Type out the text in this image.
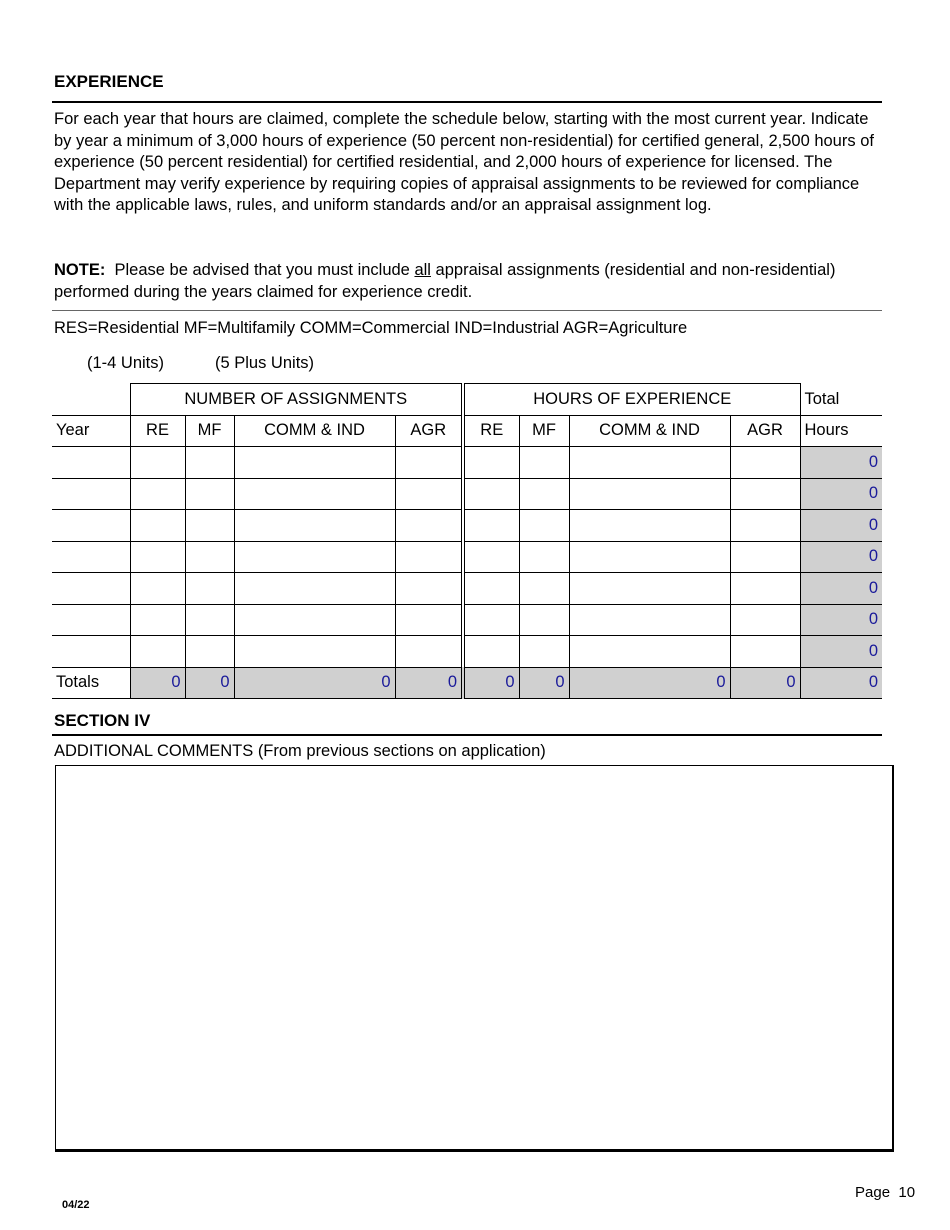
EXPERIENCE
For each year that hours are claimed, complete the schedule below, starting with the most current year. Indicate by year a minimum of 3,000 hours of experience (50 percent non-residential) for certified general, 2,500 hours of experience (50 percent residential) for certified residential, and 2,000 hours of experience for licensed. The Department may verify experience by requiring copies of appraisal assignments to be reviewed for compliance with the applicable laws, rules, and uniform standards and/or an appraisal assignment log.
NOTE:  Please be advised that you must include all appraisal assignments (residential and non-residential) performed during the years claimed for experience credit.
RES=Residential MF=Multifamily COMM=Commercial IND=Industrial AGR=Agriculture
(1-4 Units)	(5 Plus Units)
	NUMBER OF ASSIGNMENTS				HOURS OF EXPERIENCE				Total
Year	RE	MF	COMM & IND	AGR	RE	MF	COMM & IND	AGR	Hours
									0
									0
									0
									0
									0
									0
									0
Totals	0	0	0	0	0	0	0	0	0
SECTION IV
ADDITIONAL COMMENTS (From previous sections on application)
04/22
Page  10
